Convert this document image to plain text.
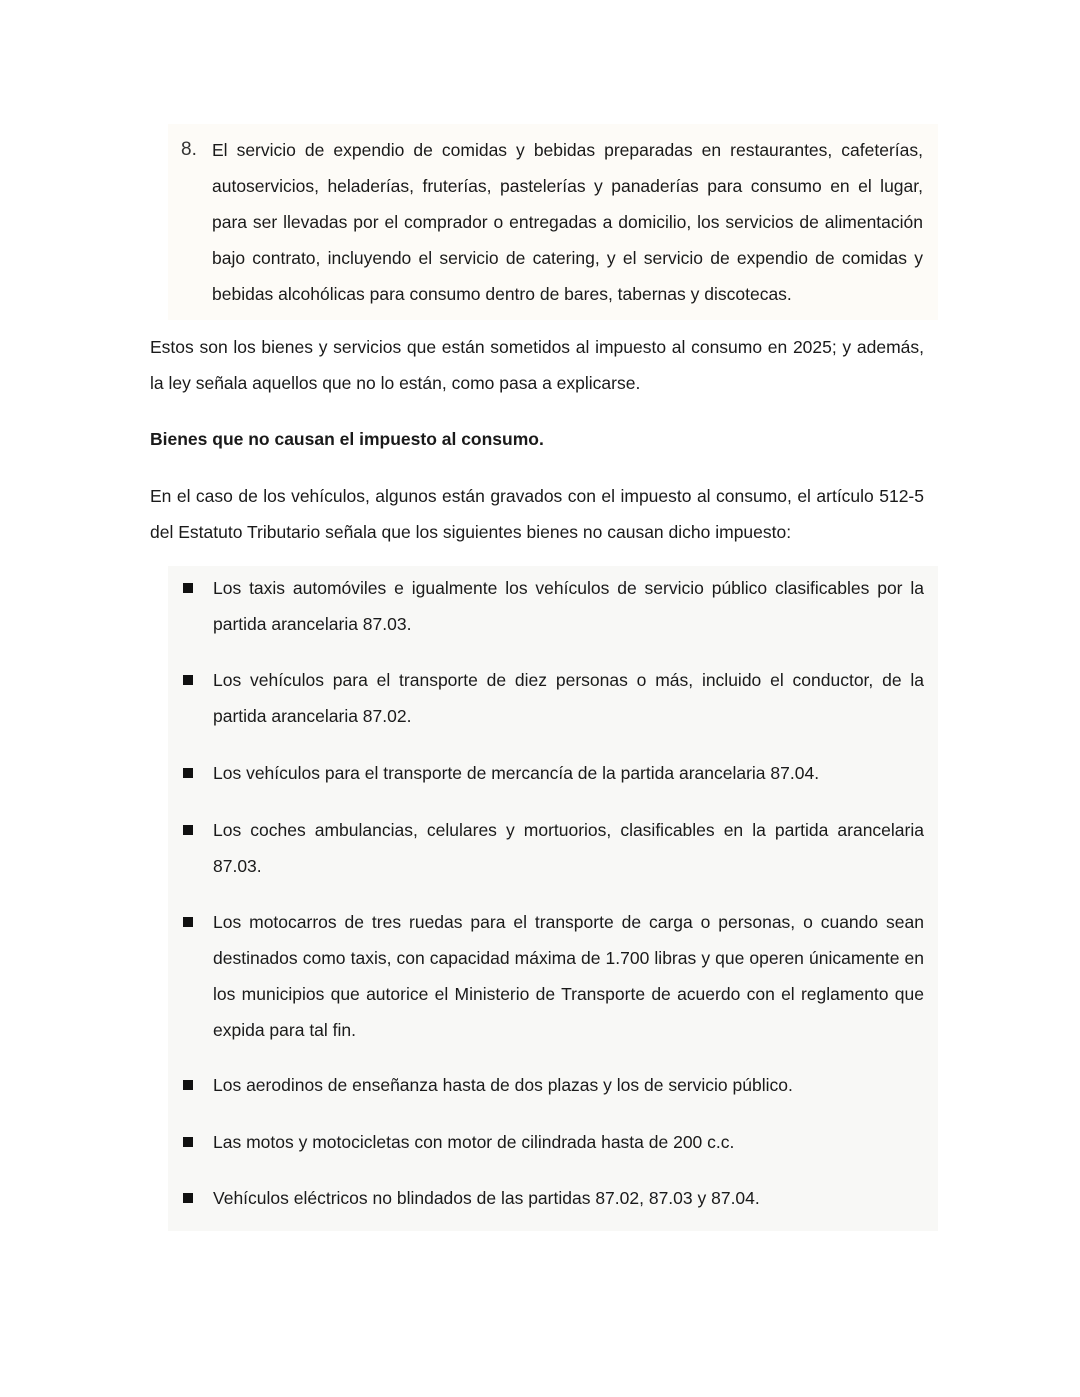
8. El servicio de expendio de comidas y bebidas preparadas en restaurantes, cafeterías, autoservicios, heladerías, fruterías, pastelerías y panaderías para consumo en el lugar, para ser llevadas por el comprador o entregadas a domicilio, los servicios de alimentación bajo contrato, incluyendo el servicio de catering, y el servicio de expendio de comidas y bebidas alcohólicas para consumo dentro de bares, tabernas y discotecas.

Estos son los bienes y servicios que están sometidos al impuesto al consumo en 2025; y además, la ley señala aquellos que no lo están, como pasa a explicarse.

Bienes que no causan el impuesto al consumo.

En el caso de los vehículos, algunos están gravados con el impuesto al consumo, el artículo 512-5 del Estatuto Tributario señala que los siguientes bienes no causan dicho impuesto:

Los taxis automóviles e igualmente los vehículos de servicio público clasificables por la partida arancelaria 87.03.
Los vehículos para el transporte de diez personas o más, incluido el conductor, de la partida arancelaria 87.02.
Los vehículos para el transporte de mercancía de la partida arancelaria 87.04.
Los coches ambulancias, celulares y mortuorios, clasificables en la partida arancelaria 87.03.
Los motocarros de tres ruedas para el transporte de carga o personas, o cuando sean destinados como taxis, con capacidad máxima de 1.700 libras y que operen únicamente en los municipios que autorice el Ministerio de Transporte de acuerdo con el reglamento que expida para tal fin.
Los aerodinos de enseñanza hasta de dos plazas y los de servicio público.
Las motos y motocicletas con motor de cilindrada hasta de 200 c.c.
Vehículos eléctricos no blindados de las partidas 87.02, 87.03 y 87.04.
